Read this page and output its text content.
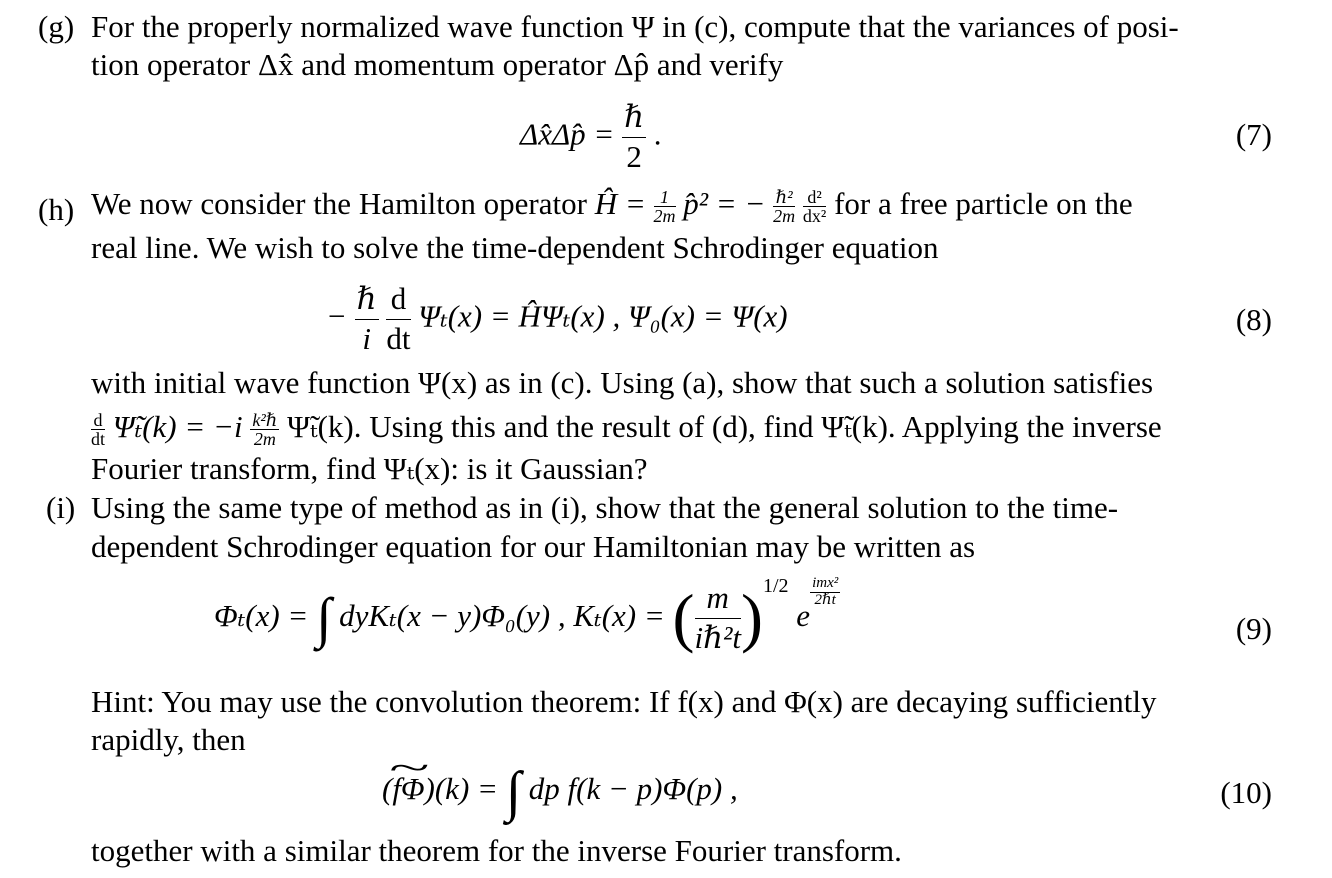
(g) For the properly normalized wave function Ψ in (c), compute that the variances of posi-
tion operator Δx̂ and momentum operator Δp̂ and verify
Δx̂Δp̂ = $\frac{\text{ℏ}}{2}$ .	(7)
(h) We now consider the Hamilton operator Ĥ = $\frac{1}{2m}$ p̂² = − $\frac{\text{ℏ²}}{2m}$
$\frac{\text{d²}}{\text{dx²}}$ for a free particle on the
real line. We wish to solve the time-dependent Schrodinger equation
− $\frac{\text{ℏ}}{i}$
$\frac{d}{dt} \Psi_t(x)$ = ĤΨₜ(x) , Ψ₀(x) = Ψ(x)	(8)
with initial wave function Ψ(x) as in (c). Using (a), show that such a solution satisfies
$\frac{d}{dt}$ Ψ̃ₜ(k) = $-i \frac{\text{k²ℏ}}{2m}$ Ψ̃ₜ(k). Using this and the result of (d), find Ψ̃ₜ(k). Applying the inverse
Fourier transform, find Ψₜ(x): is it Gaussian?
(i) Using the same type of method as in (i), show that the general solution to the time-
dependent Schrodinger equation for our Hamiltonian may be written as
Φₜ(x) = ∫ dyKₜ(x − y)Φ₀(y) , Kₜ(x) = ( $\frac{m}{\text{iℏ²t}} )^{1/2}$ e
$\frac{\text{imx²}}{\text{2ℏt}}$
(9)
Hint: You may use the convolution theorem: If f(x) and Φ(x) are decaying sufficiently
rapidly, then
~ (fΦ)(k) = ∫ dp f(k − p)Φ(p) ,	(10)
together with a similar theorem for the inverse Fourier transform.
